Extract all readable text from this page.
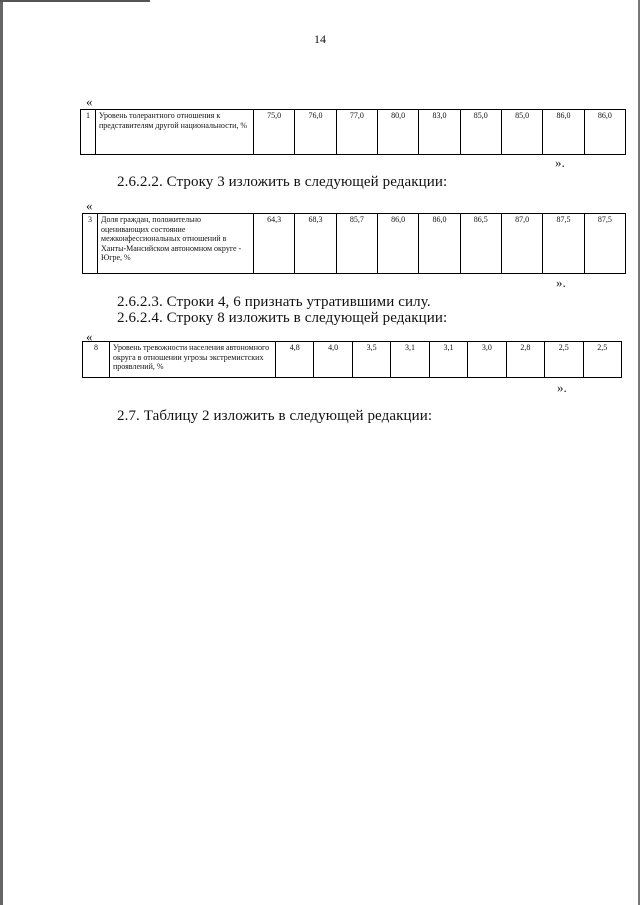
14
«
1	Уровень толерантного отношения к представителям другой национальности, %	75,0	76,0	77,0	80,0	83,0	85,0	85,0	86,0	86,0
».
2.6.2.2. Строку 3 изложить в следующей редакции:
«
3	Доля граждан, положительно оценивающих состояние межконфессиональных отношений в Ханты-Мансийском автономном округе - Югре, %	64,3	68,3	85,7	86,0	86,0	86,5	87,0	87,5	87,5
».
2.6.2.3. Строки 4, 6 признать утратившими силу.
2.6.2.4. Строку 8 изложить в следующей редакции:
«
8	Уровень тревожности населения автономного округа в отношении угрозы экстремистских проявлений, %	4,8	4,0	3,5	3,1	3,1	3,0	2,8	2,5	2,5
».
2.7. Таблицу 2 изложить в следующей редакции:
